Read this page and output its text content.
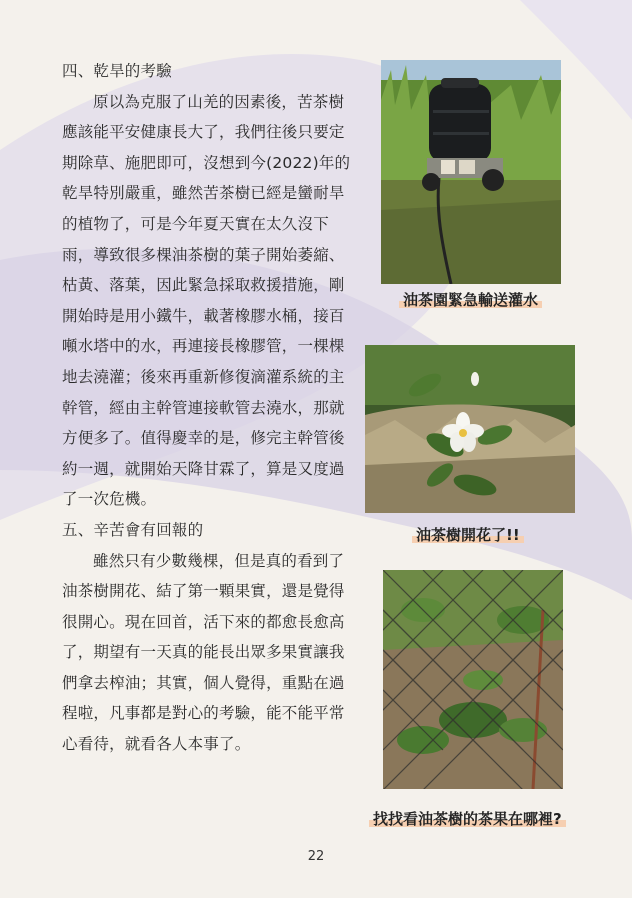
四、乾旱的考驗

原以為克服了山羌的因素後，苦茶樹應該能平安健康長大了，我們往後只要定期除草、施肥即可，沒想到今(2022)年的乾旱特別嚴重，雖然苦茶樹已經是蠻耐旱的植物了，可是今年夏天實在太久沒下雨，導致很多棵油茶樹的葉子開始萎縮、枯黃、落葉，因此緊急採取救援措施，剛開始時是用小鐵牛，載著橡膠水桶，接百噸水塔中的水，再連接長橡膠管，一棵棵地去澆灌；後來再重新修復滴灌系統的主幹管，經由主幹管連接軟管去澆水，那就方便多了。值得慶幸的是，修完主幹管後約一週，就開始天降甘霖了，算是又度過了一次危機。

五、辛苦會有回報的

雖然只有少數幾棵，但是真的看到了油茶樹開花、結了第一顆果實，還是覺得很開心。現在回首，活下來的都愈長愈高了，期望有一天真的能長出眾多果實讓我們拿去榨油；其實，個人覺得，重點在過程啦，凡事都是對心的考驗，能不能平常心看待，就看各人本事了。

油茶園緊急輸送灌水
油茶樹開花了!!
找找看油茶樹的茶果在哪裡?
22
